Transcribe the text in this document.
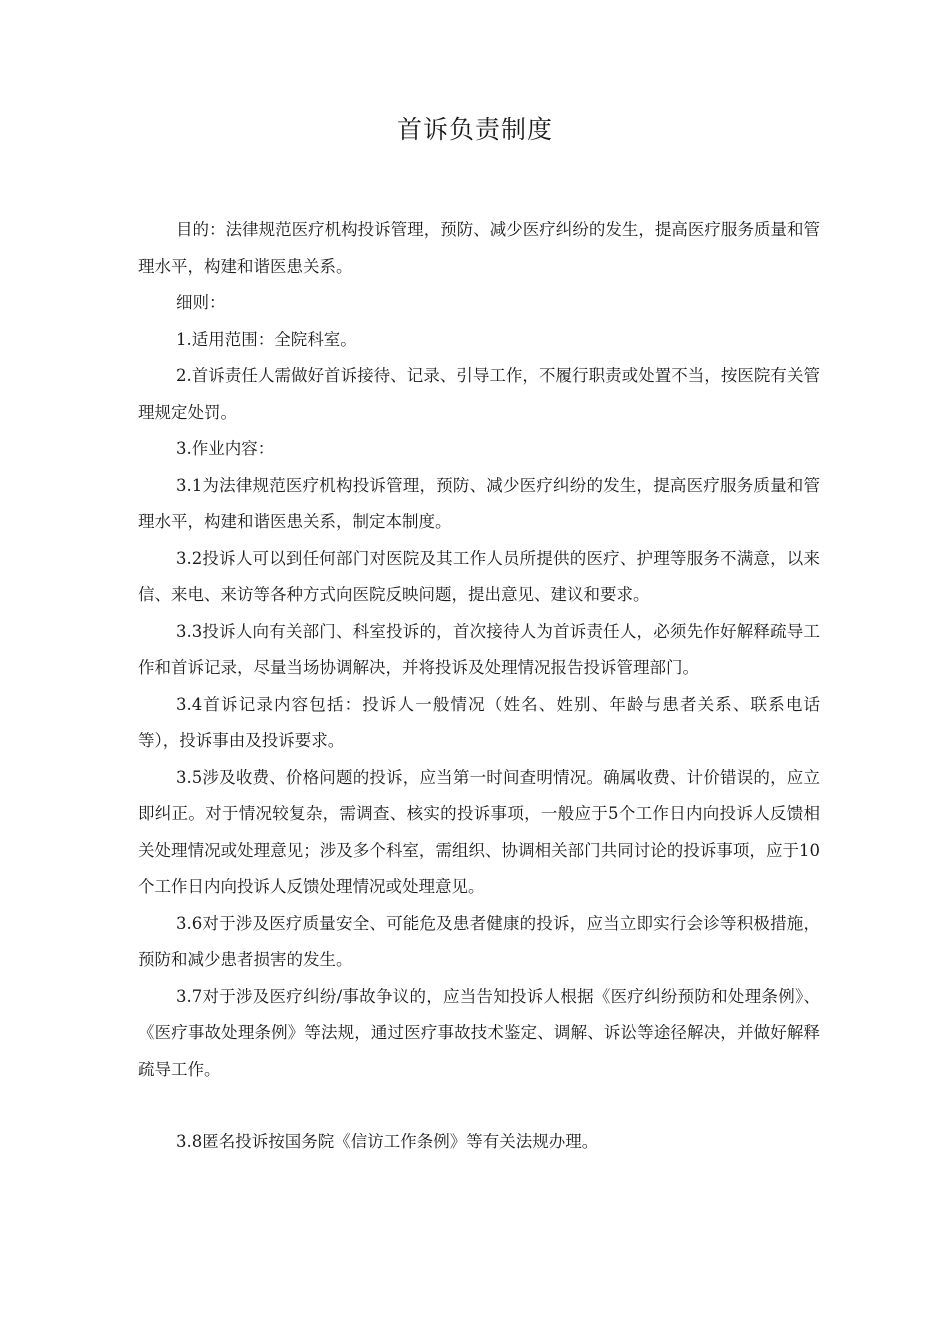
首诉负责制度

目的：法律规范医疗机构投诉管理，预防、减少医疗纠纷的发生，提高医疗服务质量和管理水平，构建和谐医患关系。

细则：

1.适用范围：全院科室。

2.首诉责任人需做好首诉接待、记录、引导工作，不履行职责或处置不当，按医院有关管理规定处罚。

3.作业内容：

3.1为法律规范医疗机构投诉管理，预防、减少医疗纠纷的发生，提高医疗服务质量和管理水平，构建和谐医患关系，制定本制度。

3.2投诉人可以到任何部门对医院及其工作人员所提供的医疗、护理等服务不满意，以来信、来电、来访等各种方式向医院反映问题，提出意见、建议和要求。

3.3投诉人向有关部门、科室投诉的，首次接待人为首诉责任人，必须先作好解释疏导工作和首诉记录，尽量当场协调解决，并将投诉及处理情况报告投诉管理部门。

3.4首诉记录内容包括：投诉人一般情况（姓名、姓别、年龄与患者关系、联系电话等），投诉事由及投诉要求。

3.5涉及收费、价格问题的投诉，应当第一时间查明情况。确属收费、计价错误的，应立即纠正。对于情况较复杂，需调查、核实的投诉事项，一般应于5个工作日内向投诉人反馈相关处理情况或处理意见；涉及多个科室，需组织、协调相关部门共同讨论的投诉事项，应于10个工作日内向投诉人反馈处理情况或处理意见。

3.6对于涉及医疗质量安全、可能危及患者健康的投诉，应当立即实行会诊等积极措施，预防和减少患者损害的发生。

3.7对于涉及医疗纠纷/事故争议的，应当告知投诉人根据《医疗纠纷预防和处理条例》、《医疗事故处理条例》等法规，通过医疗事故技术鉴定、调解、诉讼等途径解决，并做好解释疏导工作。

3.8匿名投诉按国务院《信访工作条例》等有关法规办理。
